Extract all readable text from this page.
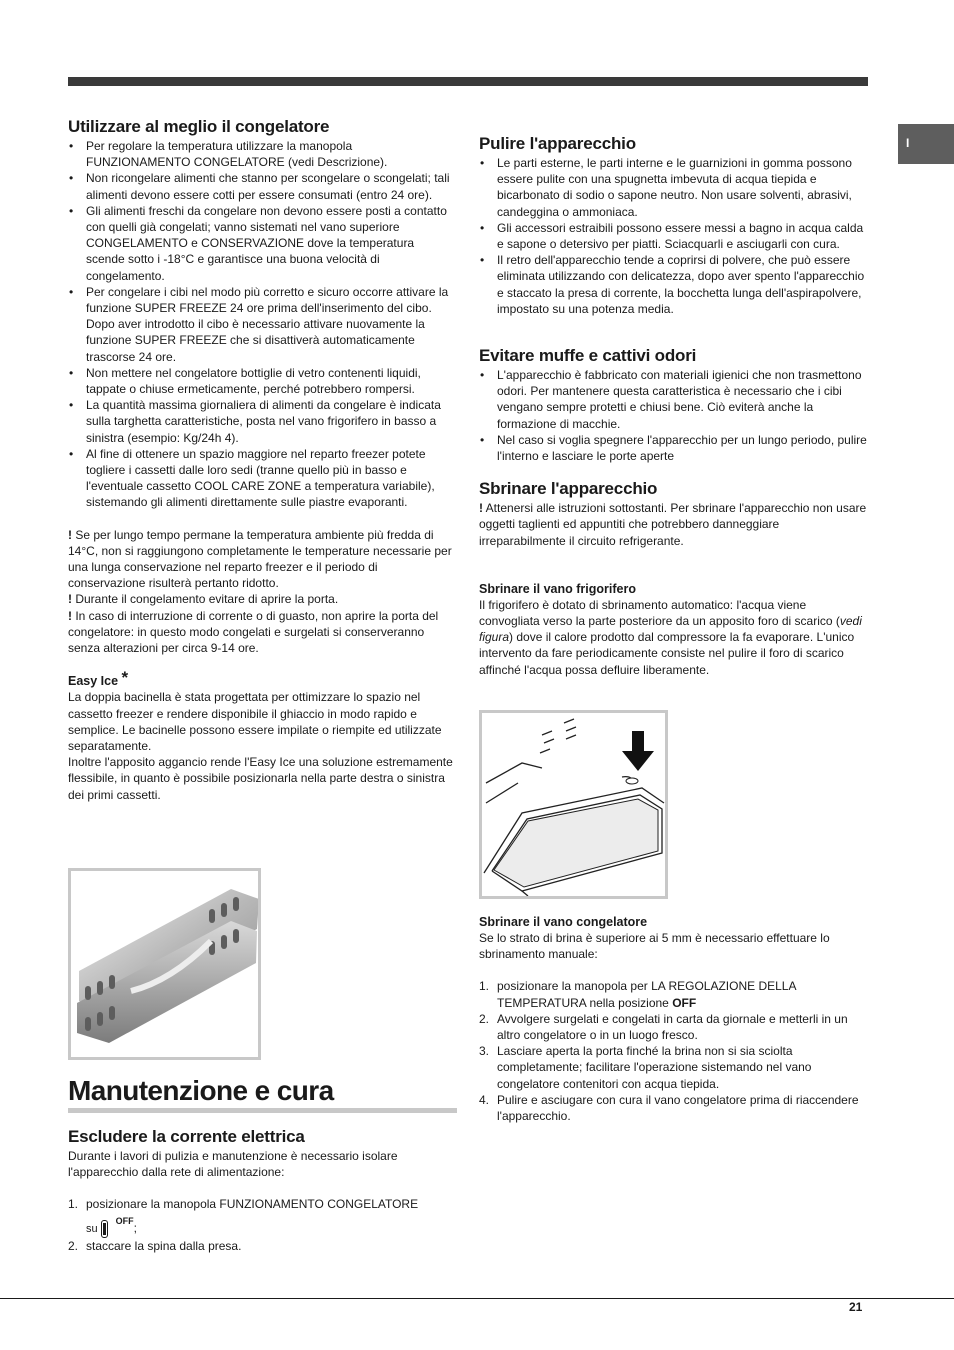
I
Utilizzare al meglio il congelatore
• Per regolare la temperatura utilizzare la manopola FUNZIONAMENTO CONGELATORE (vedi Descrizione).
• Non ricongelare alimenti che stanno per scongelare o scongelati; tali alimenti devono essere cotti per essere consumati (entro 24 ore).
• Gli alimenti freschi da congelare non devono essere posti a contatto con quelli già congelati; vanno sistemati nel vano superiore CONGELAMENTO e CONSERVAZIONE dove la temperatura scende sotto i -18°C e garantisce una buona velocità di congelamento.
• Per congelare i cibi nel modo più corretto e sicuro occorre attivare la funzione SUPER FREEZE 24 ore prima dell'inserimento del cibo. Dopo aver introdotto il cibo è necessario attivare nuovamente la funzione SUPER FREEZE che si disattiverà automaticamente trascorse 24 ore.
• Non mettere nel congelatore bottiglie di vetro contenenti liquidi, tappate o chiuse ermeticamente, perché potrebbero rompersi.
• La quantità massima giornaliera di alimenti da congelare è indicata sulla targhetta caratteristiche, posta nel vano frigorifero in basso a sinistra (esempio: Kg/24h 4).
• Al fine di ottenere un spazio maggiore nel reparto freezer potete togliere i cassetti dalle loro sedi (tranne quello più in basso e l'eventuale cassetto COOL CARE ZONE a temperatura variabile), sistemando gli alimenti direttamente sulle piastre evaporanti.

! Se per lungo tempo permane la temperatura ambiente più fredda di 14°C, non si raggiungono completamente le temperature necessarie per una lunga conservazione nel reparto freezer e il periodo di conservazione risulterà pertanto ridotto.

! Durante il congelamento evitare di aprire la porta.

! In caso di interruzione di corrente o di guasto, non aprire la porta del congelatore: in questo modo congelati e surgelati si conserveranno senza alterazioni per circa 9-14 ore.

Easy Ice *

La doppia bacinella è stata progettata per ottimizzare lo spazio nel cassetto freezer e rendere disponibile il ghiaccio in modo rapido e semplice. Le bacinelle possono essere impilate o riempite ed utilizzate separatamente.

Inoltre l'apposito aggancio rende l'Easy Ice una soluzione estremamente flessibile, in quanto è possibile posizionarla nella parte destra o sinistra dei primi cassetti.

Manutenzione e cura
Escludere la corrente elettrica

Durante i lavori di pulizia e manutenzione è necessario isolare l'apparecchio dalla rete di alimentazione:

1. posizionare la manopola FUNZIONAMENTO CONGELATORE
su
$^{OFF}$;
2. staccare la spina dalla presa.
Pulire l'apparecchio
• Le parti esterne, le parti interne e le guarnizioni in gomma possono essere pulite con una spugnetta imbevuta di acqua tiepida e bicarbonato di sodio o sapone neutro. Non usare solventi, abrasivi, candeggina o ammoniaca.
• Gli accessori estraibili possono essere messi a bagno in acqua calda e sapone o detersivo per piatti. Sciacquarli e asciugarli con cura.
• Il retro dell'apparecchio tende a coprirsi di polvere, che può essere eliminata utilizzando con delicatezza, dopo aver spento l'apparecchio e staccato la presa di corrente, la bocchetta lunga dell'aspirapolvere, impostato su una potenza media.
Evitare muffe e cattivi odori
• L'apparecchio è fabbricato con materiali igienici che non trasmettono odori. Per mantenere questa caratteristica è necessario che i cibi vengano sempre protetti e chiusi bene. Ciò eviterà anche la formazione di macchie.
• Nel caso si voglia spegnere l'apparecchio per un lungo periodo, pulire l'interno e lasciare le porte aperte
Sbrinare l'apparecchio

! Attenersi alle istruzioni sottostanti. Per sbrinare l'apparecchio non usare oggetti taglienti ed appuntiti che potrebbero danneggiare irreparabilmente il circuito refrigerante.

Sbrinare il vano frigorifero

Il frigorifero è dotato di sbrinamento automatico: l'acqua viene convogliata verso la parte posteriore da un apposito foro di scarico (vedi figura) dove il calore prodotto dal compressore la fa evaporare. L'unico intervento da fare periodicamente consiste nel pulire il foro di scarico affinché l'acqua possa defluire liberamente.

Sbrinare il vano congelatore

Se lo strato di brina è superiore ai 5 mm è necessario effettuare lo sbrinamento manuale:

1. posizionare la manopola per LA REGOLAZIONE DELLA TEMPERATURA nella posizione OFF
2. Avvolgere surgelati e congelati in carta da giornale e metterli in un altro congelatore o in un luogo fresco.
3. Lasciare aperta la porta finché la brina non si sia sciolta completamente; facilitare l'operazione sistemando nel vano congelatore contenitori con acqua tiepida.
4. Pulire e asciugare con cura il vano congelatore prima di riaccendere l'apparecchio.
21
